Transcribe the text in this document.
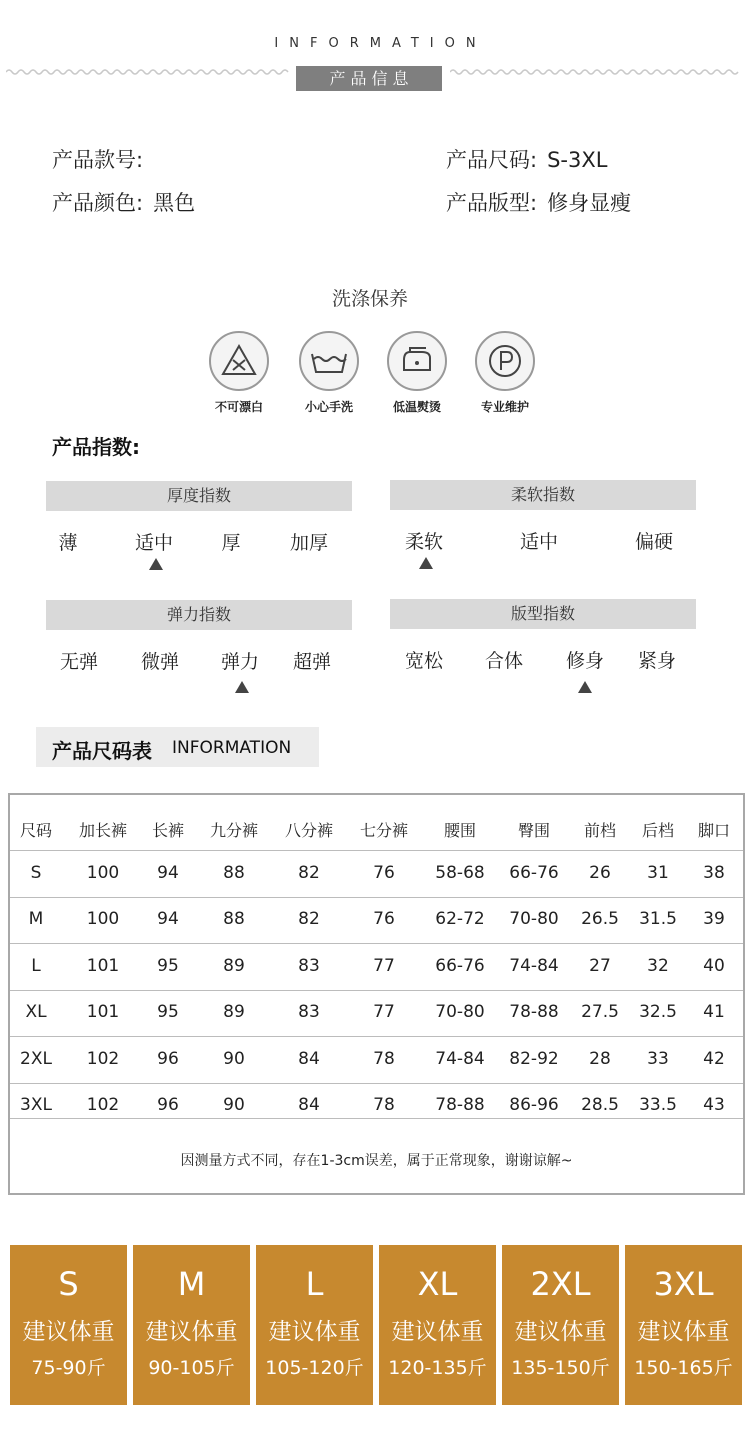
INFORMATION
产品信息
产品款号:	产品尺码: S-3XL
产品颜色: 黑色	产品版型: 修身显瘦
洗涤保养
不可漂白	小心手洗	低温熨烫	专业维护
产品指数:
厚度指数
薄	适中	厚	加厚
柔软指数
柔软	适中	偏硬
弹力指数
无弹	微弹	弹力	超弹
版型指数
宽松	合体	修身	紧身
产品尺码表 INFORMATION
尺码	加长裤	长裤	九分裤	八分裤	七分裤	腰围	臀围	前档	后档	脚口
S	100	94	88	82	76	58-68	66-76	26	31	38
M	100	94	88	82	76	62-72	70-80	26.5	31.5	39
L	101	95	89	83	77	66-76	74-84	27	32	40
XL	101	95	89	83	77	70-80	78-88	27.5	32.5	41
2XL	102	96	90	84	78	74-84	82-92	28	33	42
3XL	102	96	90	84	78	78-88	86-96	28.5	33.5	43
因测量方式不同，存在1-3cm误差，属于正常现象，谢谢谅解~
S
建议体重
75-90斤
M
建议体重
90-105斤
L
建议体重
105-120斤
XL
建议体重
120-135斤
2XL
建议体重
135-150斤
3XL
建议体重
150-165斤
